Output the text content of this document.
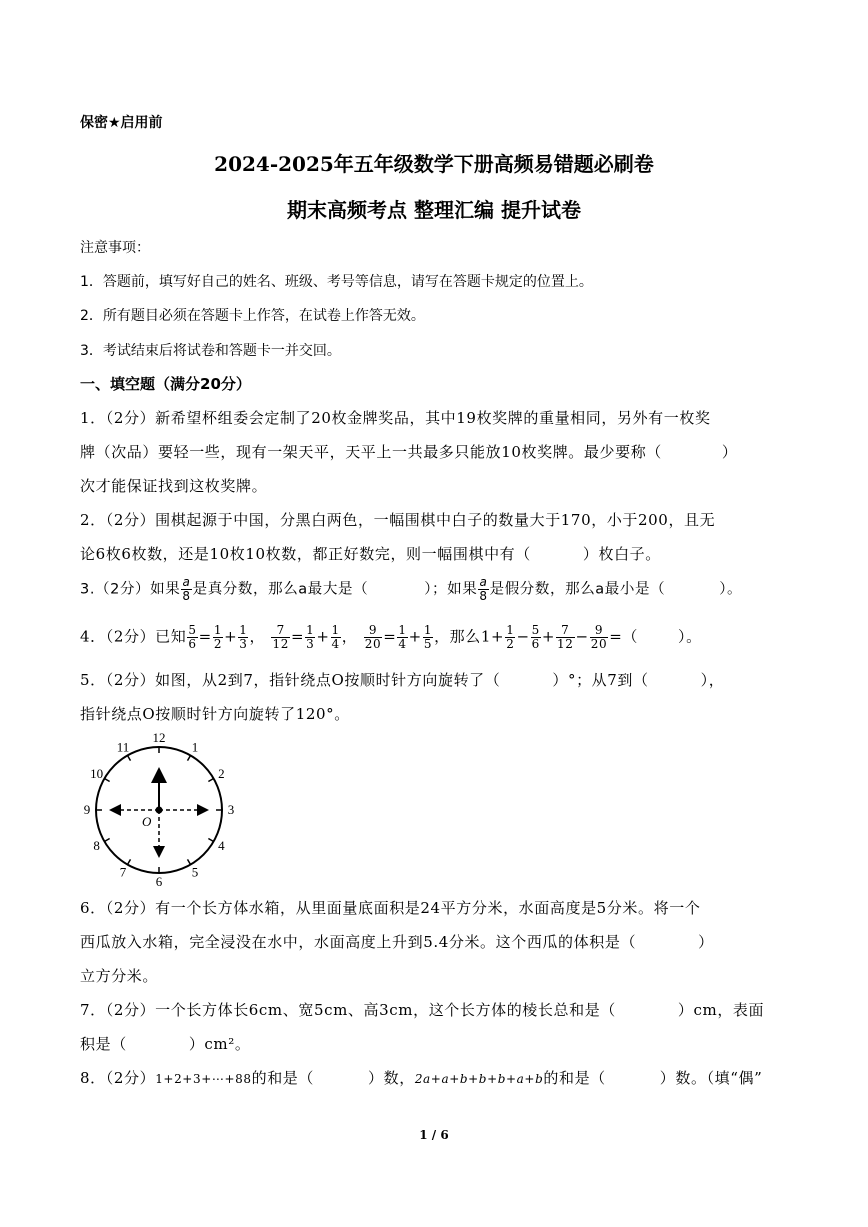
保密★启用前
2024-2025年五年级数学下册高频易错题必刷卷
期末高频考点 整理汇编 提升试卷
注意事项：
1．答题前，填写好自己的姓名、班级、考号等信息，请写在答题卡规定的位置上。
2．所有题目必须在答题卡上作答，在试卷上作答无效。
3．考试结束后将试卷和答题卡一并交回。
一、填空题（满分20分）
1．（2分）新希望杯组委会定制了20枚金牌奖品，其中19枚奖牌的重量相同，另外有一枚奖
牌（次品）要轻一些，现有一架天平，天平上一共最多只能放10枚奖牌。最少要称（	）
次才能保证找到这枚奖牌。
2．（2分）围棋起源于中国，分黑白两色，一幅围棋中白子的数量大于170，小于200，且无
论6枚6枚数，还是10枚10枚数，都正好数完，则一幅围棋中有（	）枚白子。
3.（2分）如果 $\frac{a}{8}$ 是真分数，那么a最大是（	）；如果 $\frac{a}{8}$ 是假分数，那么a最小是（	）。
4．（2分）已知 $\frac{5}{6} = \frac{1}{2} + \frac{1}{3}$ ， $\frac{7}{12} = \frac{1}{3} + \frac{1}{4}$ ， $\frac{9}{20} = \frac{1}{4} + \frac{1}{5}$ ，那么$1+ \frac{1}{2} - \frac{5}{6} + \frac{7}{12} - \frac{9}{20}$ =（	）。
5．（2分）如图，从2到7，指针绕点O按顺时针方向旋转了（	）°；从7到（	），
指针绕点O按顺时针方向旋转了120°。
O
12
1
2
3
4
5
6
7
8
9
10
11
6．（2分）有一个长方体水箱，从里面量底面积是24平方分米，水面高度是5分米。将一个
西瓜放入水箱，完全浸没在水中，水面高度上升到5.4分米。这个西瓜的体积是（	）
立方分米。
7．（2分）一个长方体长6cm、宽5cm、高3cm，这个长方体的棱长总和是（	）cm，表面
积是（	）cm²。
8．（2分）1+2+3+⋯+88的和是（	）数，2a+a+b+b+b+a+b的和是（	）数。（填“偶”
1 / 6
